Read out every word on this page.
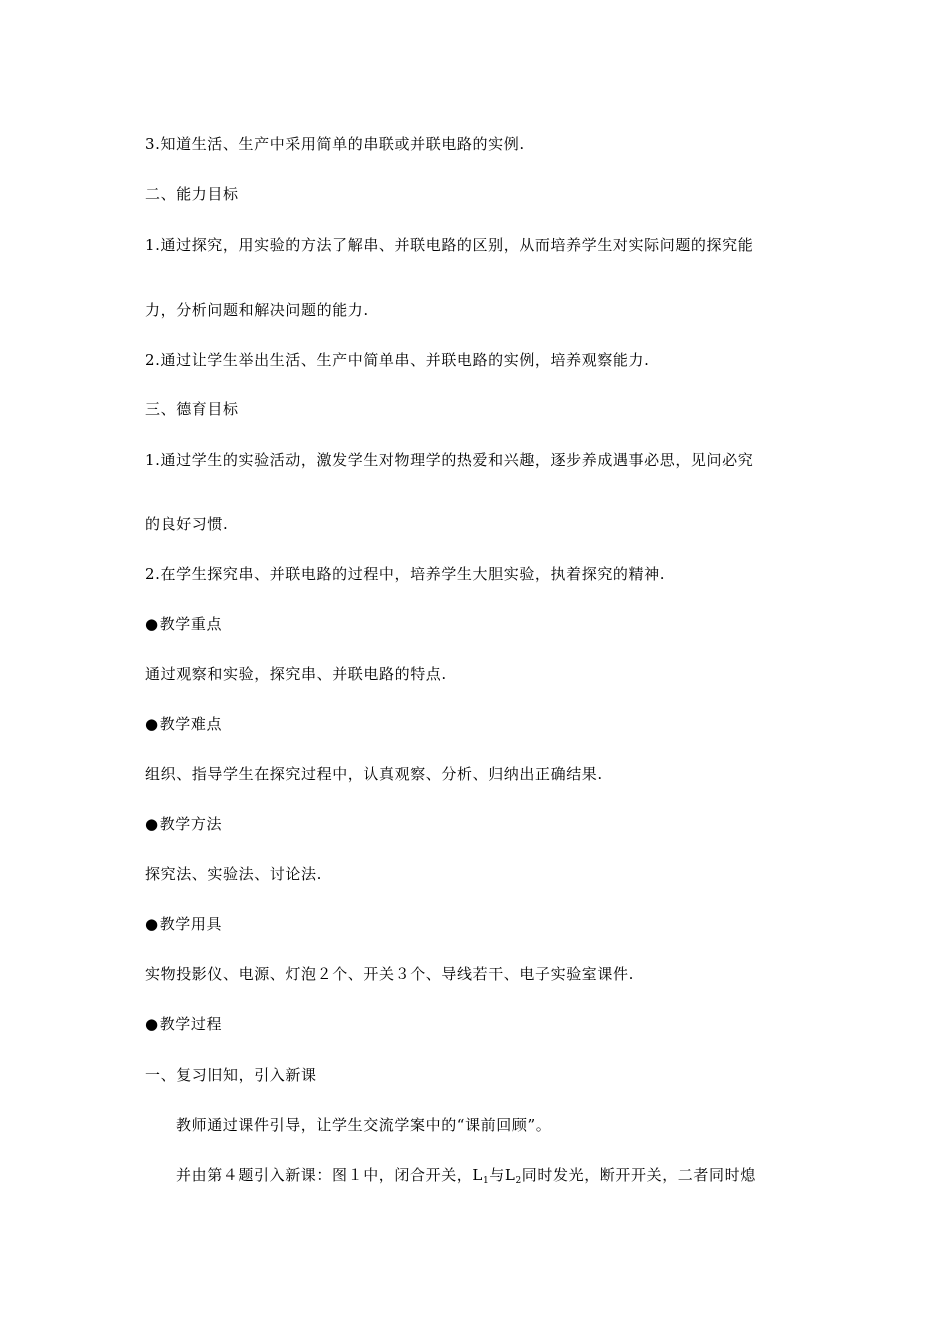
3.知道生活、生产中采用简单的串联或并联电路的实例.
二、能力目标
1.通过探究，用实验的方法了解串、并联电路的区别，从而培养学生对实际问题的探究能
力，分析问题和解决问题的能力.
2.通过让学生举出生活、生产中简单串、并联电路的实例，培养观察能力.
三、德育目标
1.通过学生的实验活动，激发学生对物理学的热爱和兴趣，逐步养成遇事必思，见问必究
的良好习惯.
2.在学生探究串、并联电路的过程中，培养学生大胆实验，执着探究的精神.
●教学重点
通过观察和实验，探究串、并联电路的特点.
●教学难点
组织、指导学生在探究过程中，认真观察、分析、归纳出正确结果.
●教学方法
探究法、实验法、讨论法.
●教学用具
实物投影仪、电源、灯泡２个、开关３个、导线若干、电子实验室课件.
●教学过程
一、复习旧知，引入新课
教师通过课件引导，让学生交流学案中的“课前回顾”。
并由第４题引入新课：图１中，闭合开关，$L_1$与$L_2$同时发光，断开开关，二者同时熄
